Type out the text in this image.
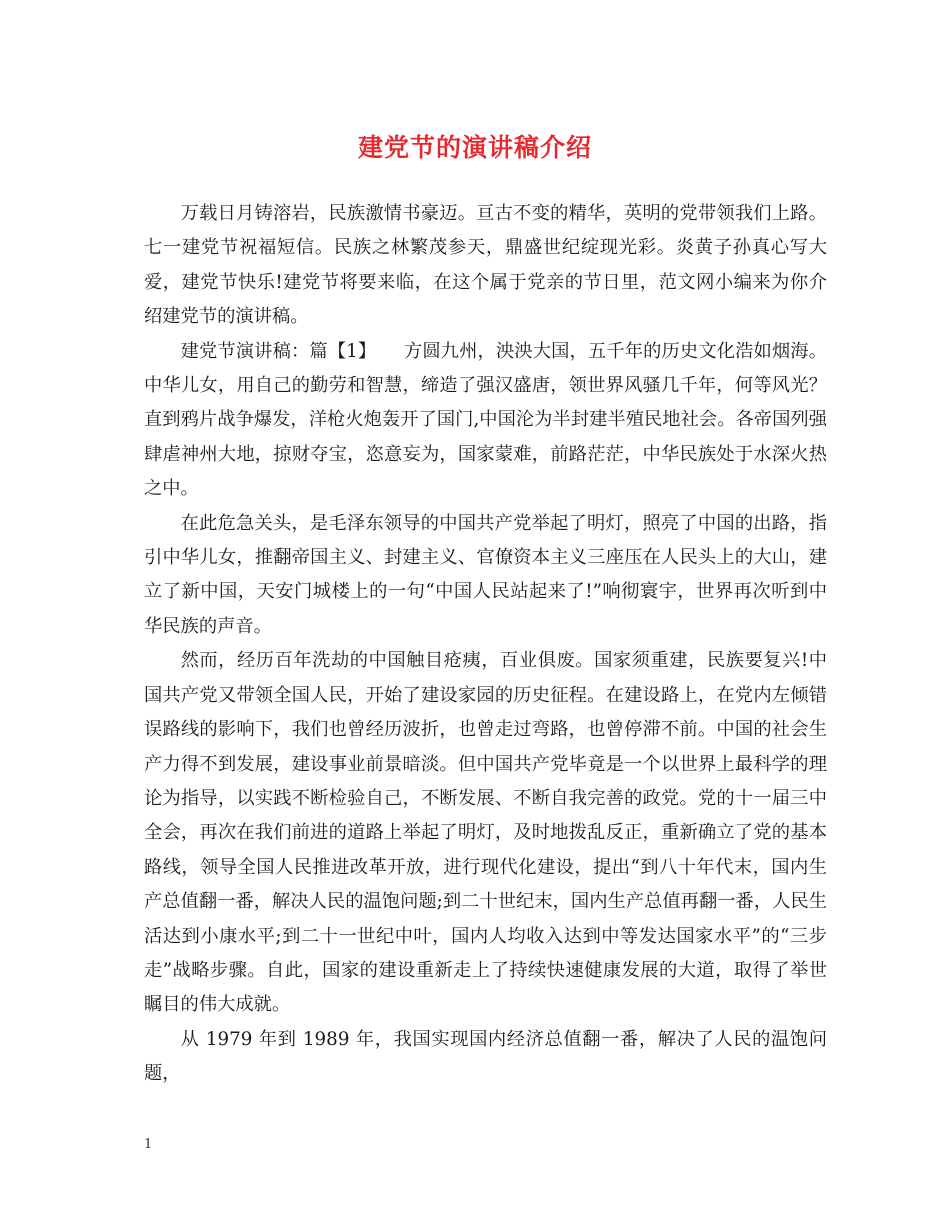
建党节的演讲稿介绍

万载日月铸溶岩，民族激情书豪迈。亘古不变的精华，英明的党带领我们上路。七一建党节祝福短信。民族之林繁茂参天，鼎盛世纪绽现光彩。炎黄子孙真心写大爱，建党节快乐!建党节将要来临，在这个属于党亲的节日里，范文网小编来为你介绍建党节的演讲稿。

建党节演讲稿：篇【1】　　方圆九州，泱泱大国，五千年的历史文化浩如烟海。中华儿女，用自己的勤劳和智慧，缔造了强汉盛唐，领世界风骚几千年，何等风光？直到鸦片战争爆发，洋枪火炮轰开了国门,中国沦为半封建半殖民地社会。各帝国列强肆虐神州大地，掠财夺宝，恣意妄为，国家蒙难，前路茫茫，中华民族处于水深火热之中。

在此危急关头，是毛泽东领导的中国共产党举起了明灯，照亮了中国的出路，指引中华儿女，推翻帝国主义、封建主义、官僚资本主义三座压在人民头上的大山，建立了新中国，天安门城楼上的一句“中国人民站起来了!”响彻寰宇，世界再次听到中华民族的声音。

然而，经历百年洗劫的中国触目疮痍，百业俱废。国家须重建，民族要复兴!中国共产党又带领全国人民，开始了建设家园的历史征程。在建设路上，在党内左倾错误路线的影响下，我们也曾经历波折，也曾走过弯路，也曾停滞不前。中国的社会生产力得不到发展，建设事业前景暗淡。但中国共产党毕竟是一个以世界上最科学的理论为指导，以实践不断检验自己，不断发展、不断自我完善的政党。党的十一届三中全会，再次在我们前进的道路上举起了明灯，及时地拨乱反正，重新确立了党的基本路线，领导全国人民推进改革开放，进行现代化建设，提出“到八十年代末，国内生产总值翻一番，解决人民的温饱问题;到二十世纪末，国内生产总值再翻一番，人民生活达到小康水平;到二十一世纪中叶，国内人均收入达到中等发达国家水平”的“三步走”战略步骤。自此，国家的建设重新走上了持续快速健康发展的大道，取得了举世瞩目的伟大成就。

从 1979 年到 1989 年，我国实现国内经济总值翻一番，解决了人民的温饱问题，

1
